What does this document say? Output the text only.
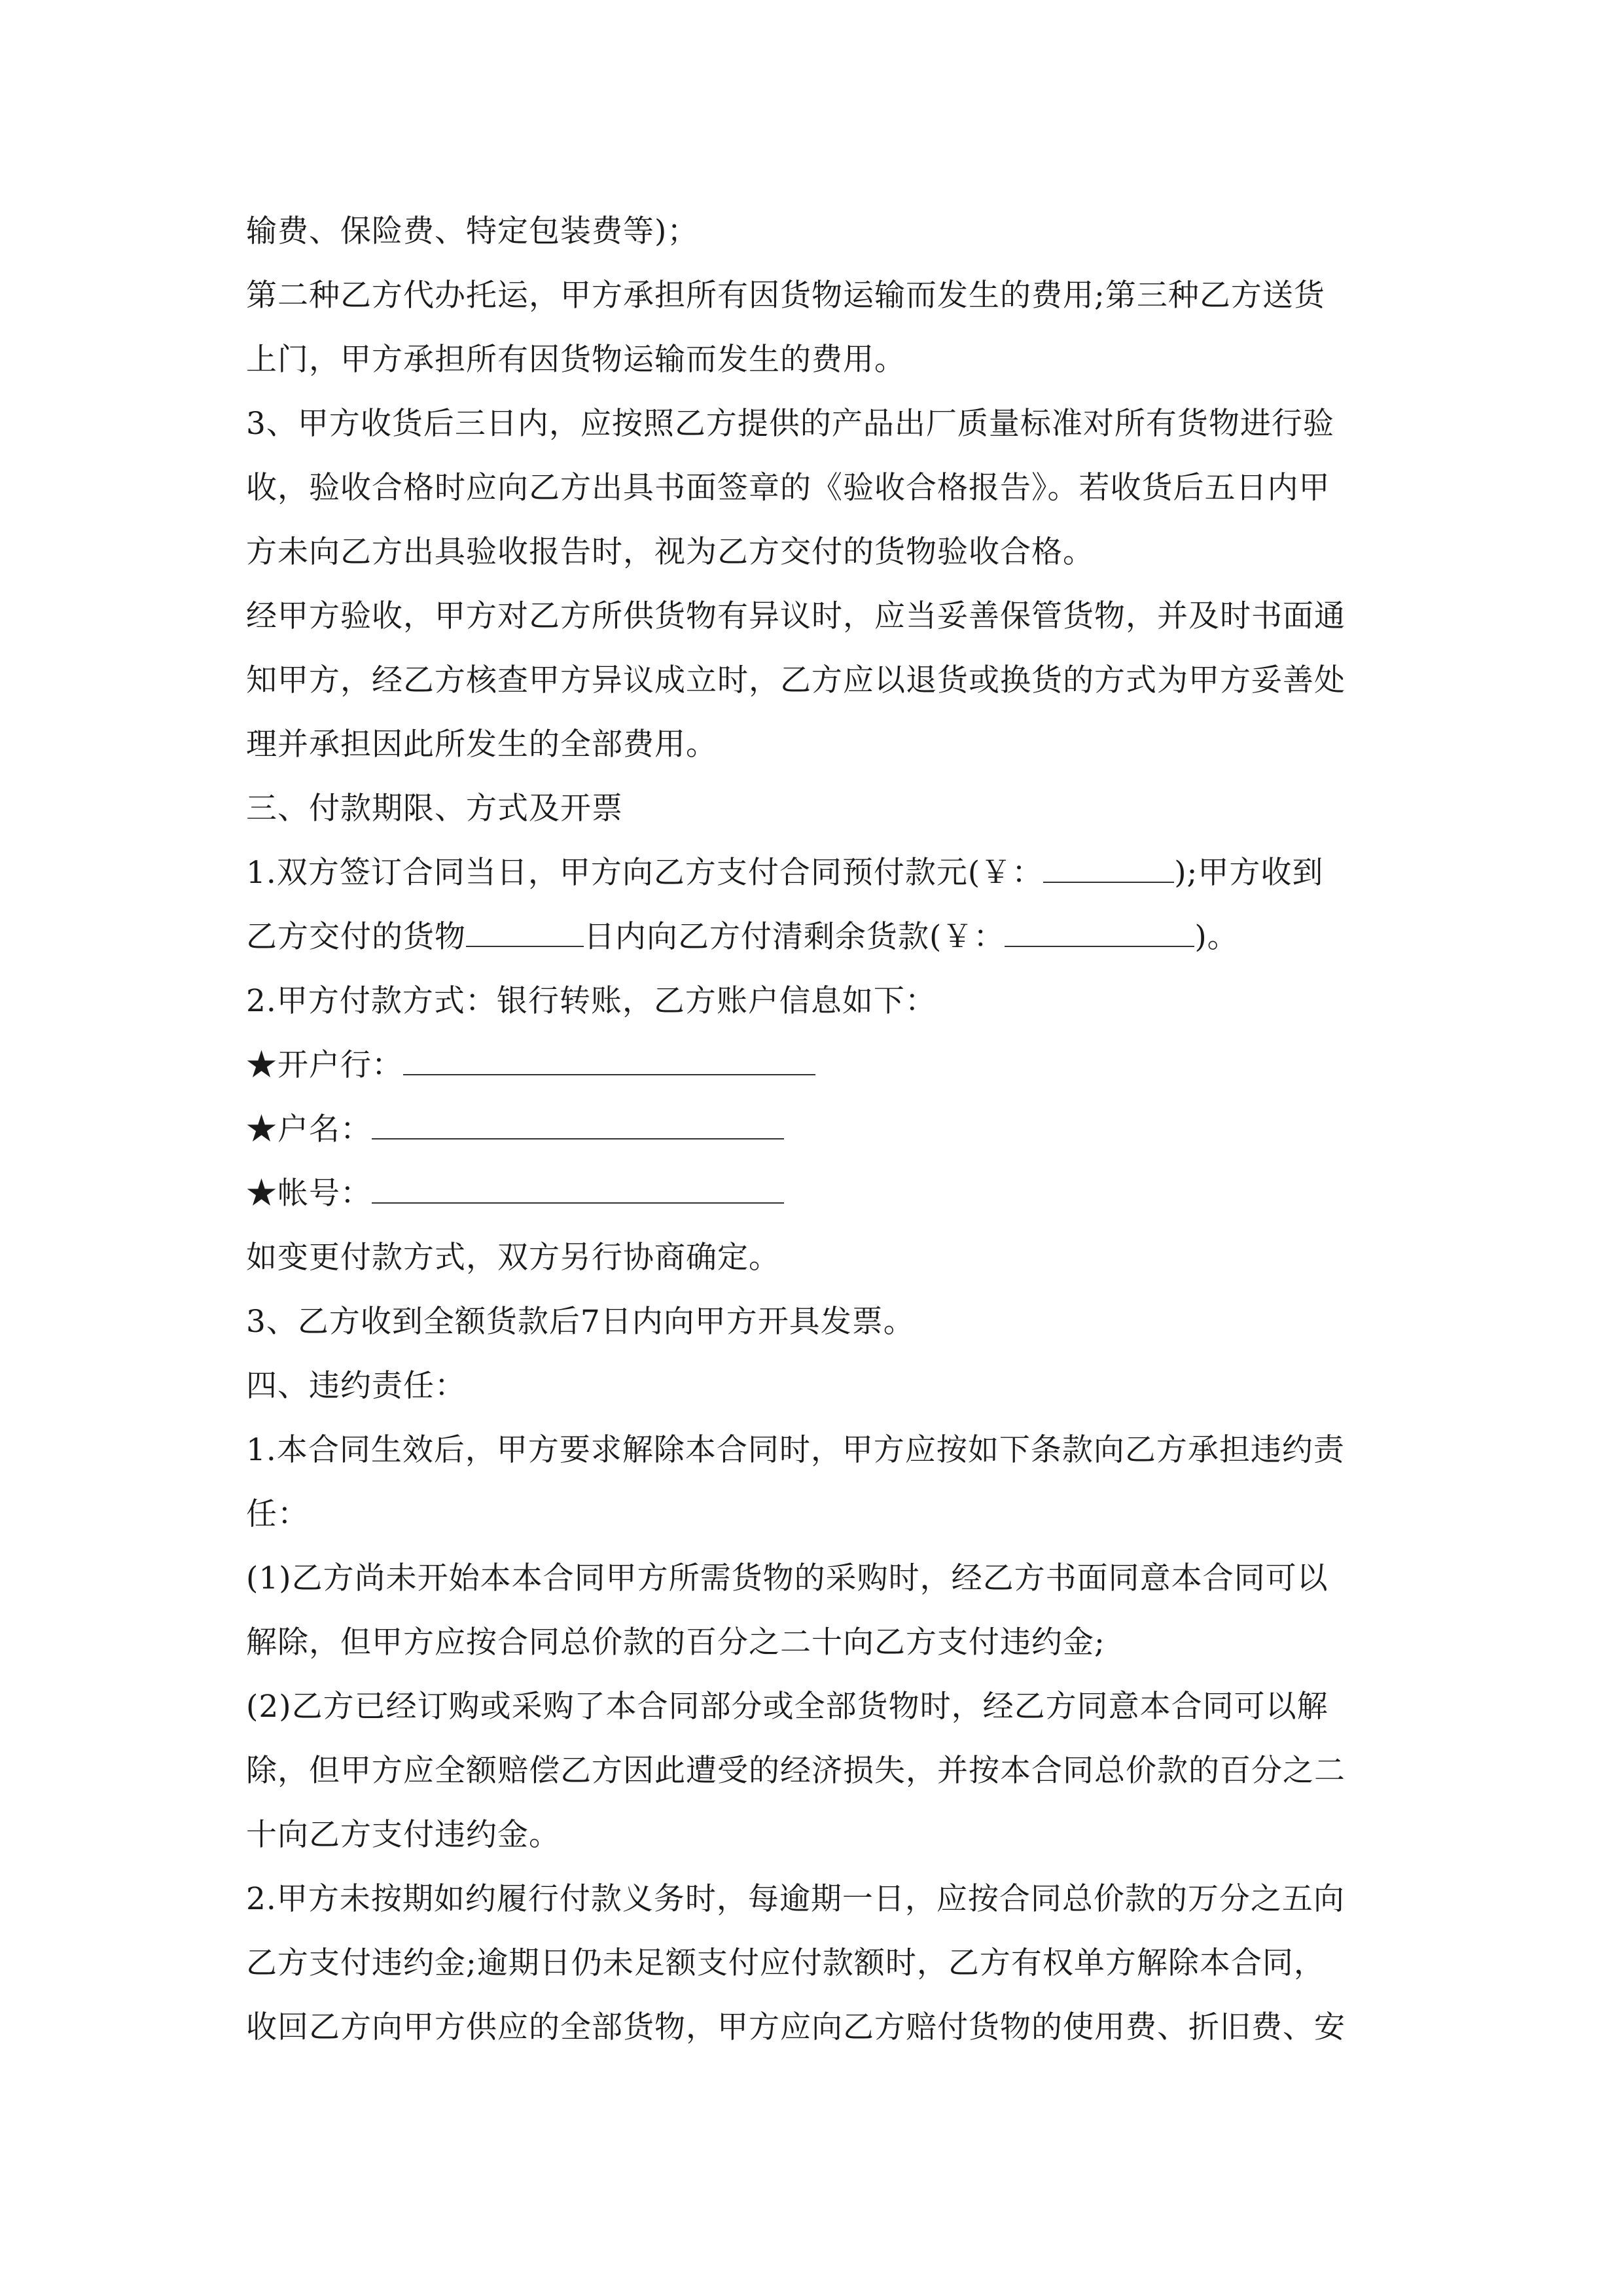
输费、保险费、特定包装费等)；
第二种乙方代办托运，甲方承担所有因货物运输而发生的费用;第三种乙方送货
上门，甲方承担所有因货物运输而发生的费用。
3、甲方收货后三日内，应按照乙方提供的产品出厂质量标准对所有货物进行验
收，验收合格时应向乙方出具书面签章的《验收合格报告》。若收货后五日内甲
方未向乙方出具验收报告时，视为乙方交付的货物验收合格。
经甲方验收，甲方对乙方所供货物有异议时，应当妥善保管货物，并及时书面通
知甲方，经乙方核查甲方异议成立时，乙方应以退货或换货的方式为甲方妥善处
理并承担因此所发生的全部费用。
三、付款期限、方式及开票
1.双方签订合同当日，甲方向乙方支付合同预付款元(￥：	);甲方收到
乙方交付的货物	日内向乙方付清剩余货款(￥：	)。
2.甲方付款方式：银行转账，乙方账户信息如下：
★开户行：
★户名：
★帐号：
如变更付款方式，双方另行协商确定。
3、乙方收到全额货款后7日内向甲方开具发票。
四、违约责任：
1.本合同生效后，甲方要求解除本合同时，甲方应按如下条款向乙方承担违约责
任：
(1)乙方尚未开始本本合同甲方所需货物的采购时，经乙方书面同意本合同可以
解除，但甲方应按合同总价款的百分之二十向乙方支付违约金;
(2)乙方已经订购或采购了本合同部分或全部货物时，经乙方同意本合同可以解
除，但甲方应全额赔偿乙方因此遭受的经济损失，并按本合同总价款的百分之二
十向乙方支付违约金。
2.甲方未按期如约履行付款义务时，每逾期一日，应按合同总价款的万分之五向
乙方支付违约金;逾期日仍未足额支付应付款额时，乙方有权单方解除本合同，
收回乙方向甲方供应的全部货物，甲方应向乙方赔付货物的使用费、折旧费、安
